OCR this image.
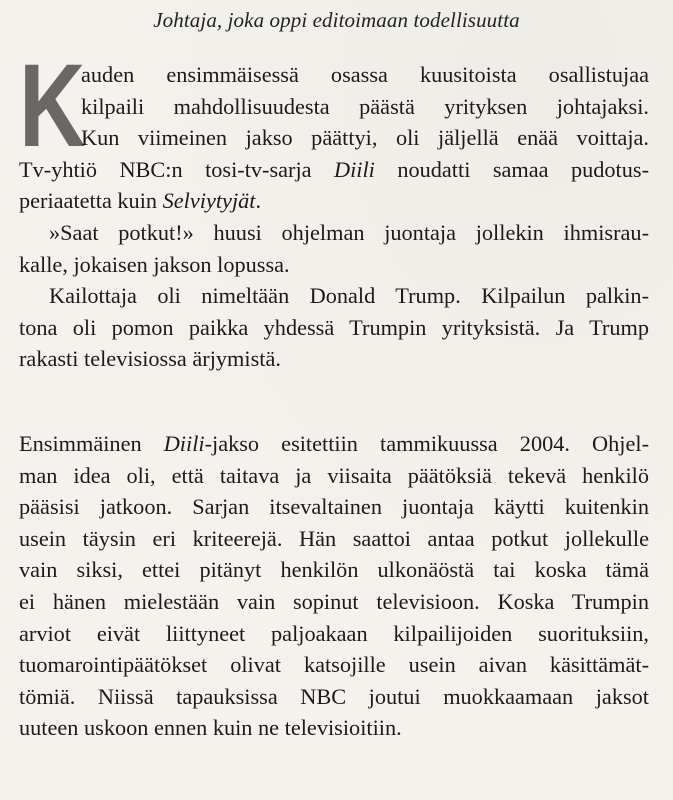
Johtaja, joka oppi editoimaan todellisuutta
K
auden ensimmäisessä osassa kuusitoista osallistujaa
kilpaili mahdollisuudesta päästä yrityksen johtajaksi.
Kun viimeinen jakso päättyi, oli jäljellä enää voittaja.
Tv-yhtiö NBC:n tosi-tv-sarja Diili noudatti samaa pudotus-
periaatetta kuin Selviytyjät.
»Saat potkut!» huusi ohjelman juontaja jollekin ihmisrau-
kalle, jokaisen jakson lopussa.
Kailottaja oli nimeltään Donald Trump. Kilpailun palkin-
tona oli pomon paikka yhdessä Trumpin yrityksistä. Ja Trump
rakasti televisiossa ärjymistä.
Ensimmäinen Diili-jakso esitettiin tammikuussa 2004. Ohjel-
man idea oli, että taitava ja viisaita päätöksiä tekevä henkilö
pääsisi jatkoon. Sarjan itsevaltainen juontaja käytti kuitenkin
usein täysin eri kriteerejä. Hän saattoi antaa potkut jollekulle
vain siksi, ettei pitänyt henkilön ulkonäöstä tai koska tämä
ei hänen mielestään vain sopinut televisioon. Koska Trumpin
arviot eivät liittyneet paljoakaan kilpailijoiden suorituksiin,
tuomarointipäätökset olivat katsojille usein aivan käsittämät-
tömiä. Niissä tapauksissa NBC joutui muokkaamaan jaksot
uuteen uskoon ennen kuin ne televisioitiin.
